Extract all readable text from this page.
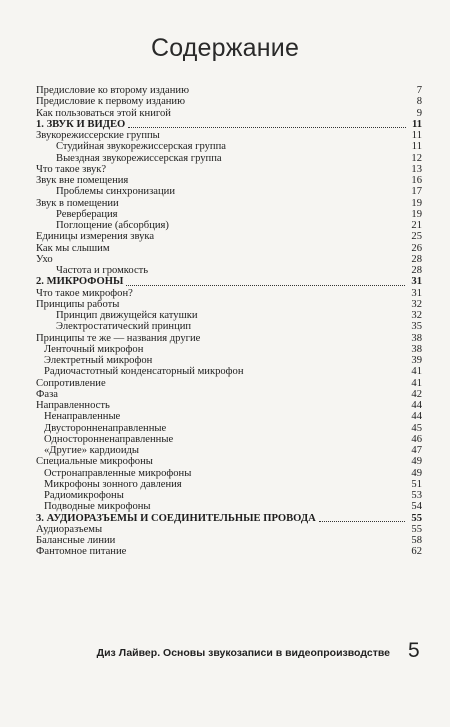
Содержание
Предисловие ко второму изданию	7
Предисловие к первому изданию	8
Как пользоваться этой книгой	9
1. ЗВУК И ВИДЕО	11
Звукорежиссерские группы	11
Студийная звукорежиссерская группа	11
Выездная звукорежиссерская группа	12
Что такое звук?	13
Звук вне помещения	16
Проблемы синхронизации	17
Звук в помещении	19
Реверберация	19
Поглощение (абсорбция)	21
Единицы измерения звука	25
Как мы слышим	26
Ухо	28
Частота и громкость	28
2. МИКРОФОНЫ	31
Что такое микрофон?	31
Принципы работы	32
Принцип движущейся катушки	32
Электростатический принцип	35
Принципы те же — названия другие	38
Ленточный микрофон	38
Электретный микрофон	39
Радиочастотный конденсаторный микрофон	41
Сопротивление	41
Фаза	42
Направленность	44
Ненаправленные	44
Двусторонненаправленные	45
Односторонненаправленные	46
«Другие» кардиоиды	47
Специальные микрофоны	49
Остронаправленные микрофоны	49
Микрофоны зонного давления	51
Радиомикрофоны	53
Подводные микрофоны	54
3. АУДИОРАЗЪЕМЫ И СОЕДИНИТЕЛЬНЫЕ ПРОВОДА	55
Аудиоразъемы	55
Балансные линии	58
Фантомное питание	62
Диз Лайвер. Основы звукозаписи в видеопроизводстве 5
